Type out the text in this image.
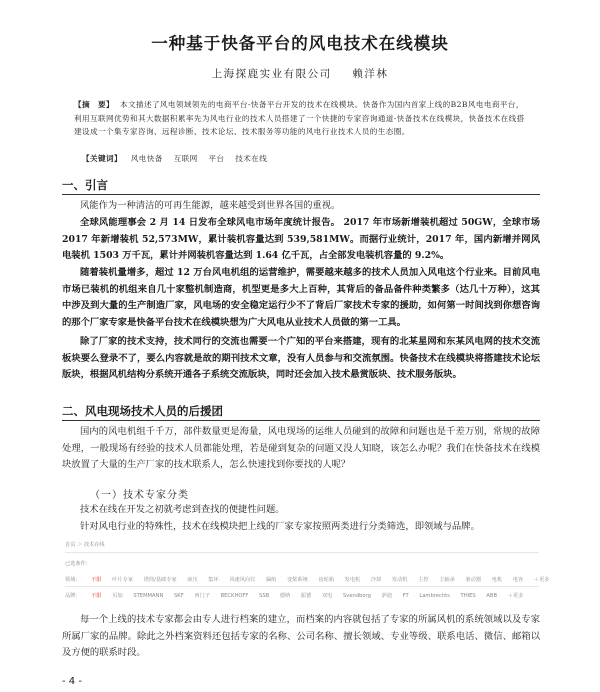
一种基于快备平台的风电技术在线模块
上海探鹿实业有限公司 赖洋林
【摘　要】 本文描述了风电领域领先的电商平台-快备平台开发的技术在线模块。快备作为国内首家上线的B2B风电电商平台，利用互联网优势和其大数据积累率先为风电行业的技术人员搭建了一个快捷的专家咨询通道-快备技术在线模块，快备技术在线搭建设成一个集专家咨询、远程诊断、技术论坛、技术服务等功能的风电行业技术人员的生态圈。
【关键词】 风电快备 互联网 平台 技术在线
一、引言
风能作为一种清洁的可再生能源，越来越受到世界各国的重视。
全球风能理事会 2 月 14 日发布全球风电市场年度统计报告。 2017 年市场新增装机超过 50GW，全球市场 2017 年新增装机 52,573MW，累计装机容量达到 539,581MW。而据行业统计，2017 年，国内新增并网风电装机 1503 万千瓦，累计并网装机容量达到 1.64 亿千瓦，占全部发电装机容量的 9.2%。
随着装机量增多，超过 12 万台风电机组的运营维护，需要越来越多的技术人员加入风电这个行业来。目前风电市场已装机的机组来自几十家整机制造商，机型更是多大上百种，其背后的备品备件种类繁多（达几十万种），这其中涉及到大量的生产制造厂家，风电场的安全稳定运行少不了背后厂家技术专家的援助，如何第一时间找到你想咨询的那个厂家专家是快备平台技术在线模块想为广大风电从业技术人员做的第一工具。
除了厂家的技术支持，技术同行的交流也需要一个广知的平台来搭建，现有的北某星网和东某风电网的技术交流板块要么登录不了，要么内容就是故的期刊技术文章，没有人员参与和交流氛围。快备技术在线模块将搭建技术论坛版块，根据风机结构分系统开通各子系统交流版块，同时还会加入技术悬赏版块、技术服务版块。
二、风电现场技术人员的后援团
国内的风电机组千千万，部件数量更是海量，风电现场的运维人员碰到的故障和问题也是千差万别，常规的故障处理，一般现场有经验的技术人员都能处理，若是碰到复杂的问题又没人知晓，该怎么办呢？我们在快备技术在线模块放置了大量的生产厂家的技术联系人，怎么快速找到你要找的人呢？
（一）技术专家分类
技术在线在开发之初就考虑到查找的便捷性问题。
针对风电行业的特殊性，技术在线模块把上线的厂家专家按照两类进行分类筛选，即领域与品牌。
首页 ＞ 技术在线
已选条件：
领域： 不限 叶片专家 塔筒/基础专家 液压 集环 风速风向仪 偏航 变桨系统 齿轮箱 发电机 冷却 发动机 主控 主轴承 驱动器 电机 电容 ＋更多
品牌： 不限 贝加 STEMMANN SKF 西门子 BECKHOFF SSB 德纳 振德 双电 Svendborg 萨迪 FT Lambrechts THIES ABB ＋更多
每一个上线的技术专家都会由专人进行档案的建立，而档案的内容就包括了专家的所属风机的系统领域以及专家所属厂家的品牌。除此之外档案资料还包括专家的名称、公司名称、擅长领域、专业等级、联系电话、微信、邮箱以及方便的联系时段。
- 4 -
